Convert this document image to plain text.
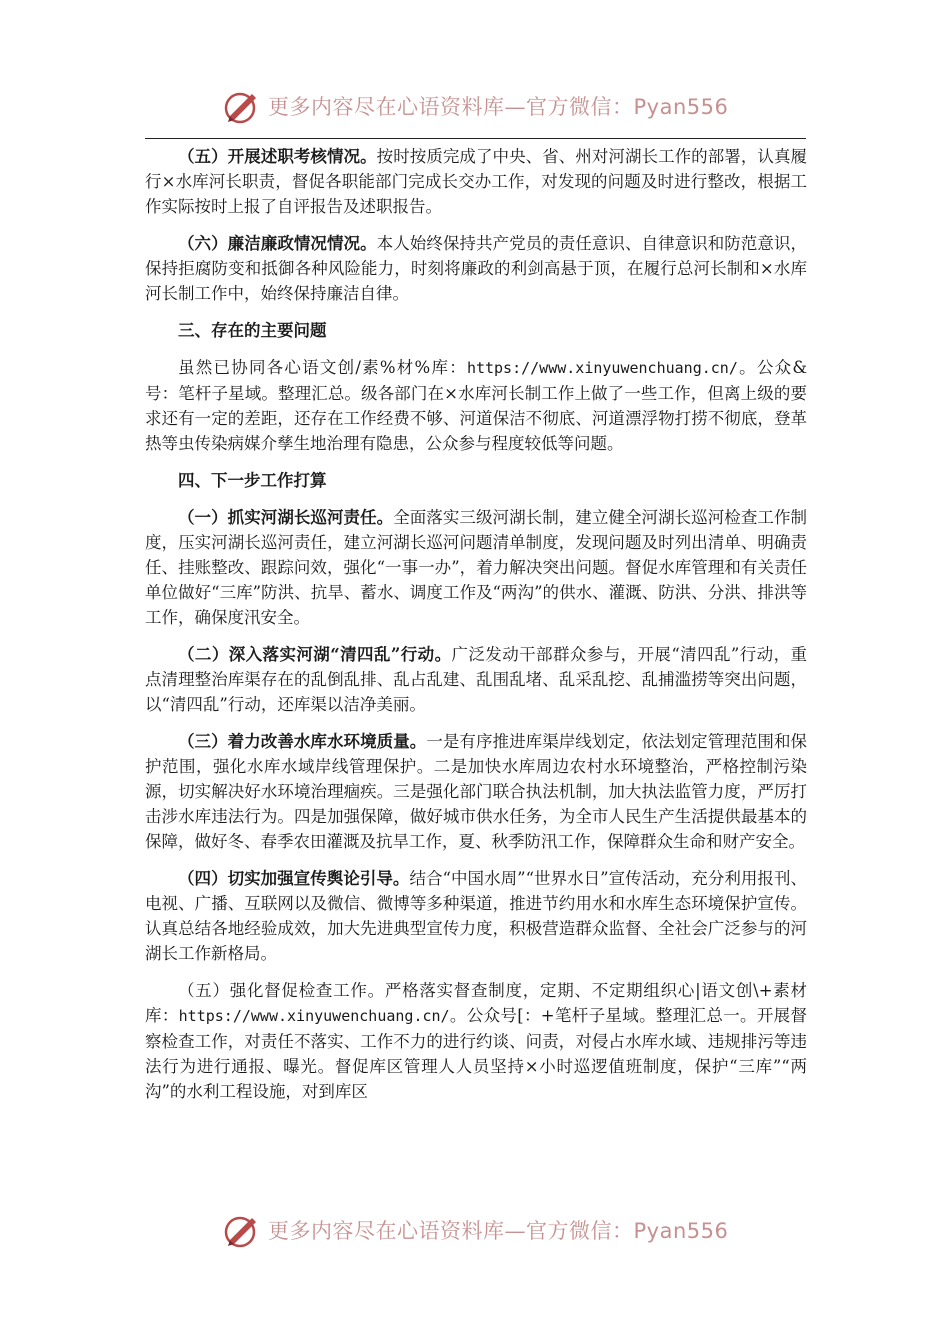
更多内容尽在心语资料库—官方微信：Pyan556

（五）开展述职考核情况。按时按质完成了中央、省、州对河湖长工作的部署，认真履行×水库河长职责，督促各职能部门完成长交办工作，对发现的问题及时进行整改，根据工作实际按时上报了自评报告及述职报告。

（六）廉洁廉政情况情况。本人始终保持共产党员的责任意识、自律意识和防范意识，保持拒腐防变和抵御各种风险能力，时刻将廉政的利剑高悬于顶，在履行总河长制和×水库河长制工作中，始终保持廉洁自律。

三、存在的主要问题

虽然已协同各心语文创/素%材%库：https://www.xinyuwenchuang.cn/。公众&号：笔杆子星域。整理汇总。级各部门在×水库河长制工作上做了一些工作，但离上级的要求还有一定的差距，还存在工作经费不够、河道保洁不彻底、河道漂浮物打捞不彻底，登革热等虫传染病媒介孳生地治理有隐患，公众参与程度较低等问题。

四、下一步工作打算

（一）抓实河湖长巡河责任。全面落实三级河湖长制，建立健全河湖长巡河检查工作制度，压实河湖长巡河责任，建立河湖长巡河问题清单制度，发现问题及时列出清单、明确责任、挂账整改、跟踪问效，强化“一事一办”，着力解决突出问题。督促水库管理和有关责任单位做好“三库”防洪、抗旱、蓄水、调度工作及“两沟”的供水、灌溉、防洪、分洪、排洪等工作，确保度汛安全。

（二）深入落实河湖“清四乱”行动。广泛发动干部群众参与，开展“清四乱”行动，重点清理整治库渠存在的乱倒乱排、乱占乱建、乱围乱堵、乱采乱挖、乱捕滥捞等突出问题，以“清四乱”行动，还库渠以洁净美丽。

（三）着力改善水库水环境质量。一是有序推进库渠岸线划定，依法划定管理范围和保护范围，强化水库水域岸线管理保护。二是加快水库周边农村水环境整治，严格控制污染源，切实解决好水环境治理痼疾。三是强化部门联合执法机制，加大执法监管力度，严厉打击涉水库违法行为。四是加强保障，做好城市供水任务，为全市人民生产生活提供最基本的保障，做好冬、春季农田灌溉及抗旱工作，夏、秋季防汛工作，保障群众生命和财产安全。

（四）切实加强宣传舆论引导。结合“中国水周”“世界水日”宣传活动，充分利用报刊、电视、广播、互联网以及微信、微博等多种渠道，推进节约用水和水库生态环境保护宣传。认真总结各地经验成效，加大先进典型宣传力度，积极营造群众监督、全社会广泛参与的河湖长工作新格局。

（五）强化督促检查工作。严格落实督查制度，定期、不定期组织心|语文创\+素材库：https://www.xinyuwenchuang.cn/。公众号[：+笔杆子星域。整理汇总一。开展督察检查工作，对责任不落实、工作不力的进行约谈、问责，对侵占水库水域、违规排污等违法行为进行通报、曝光。督促库区管理人人员坚持×小时巡逻值班制度，保护“三库”“两沟”的水利工程设施，对到库区

更多内容尽在心语资料库—官方微信：Pyan556
